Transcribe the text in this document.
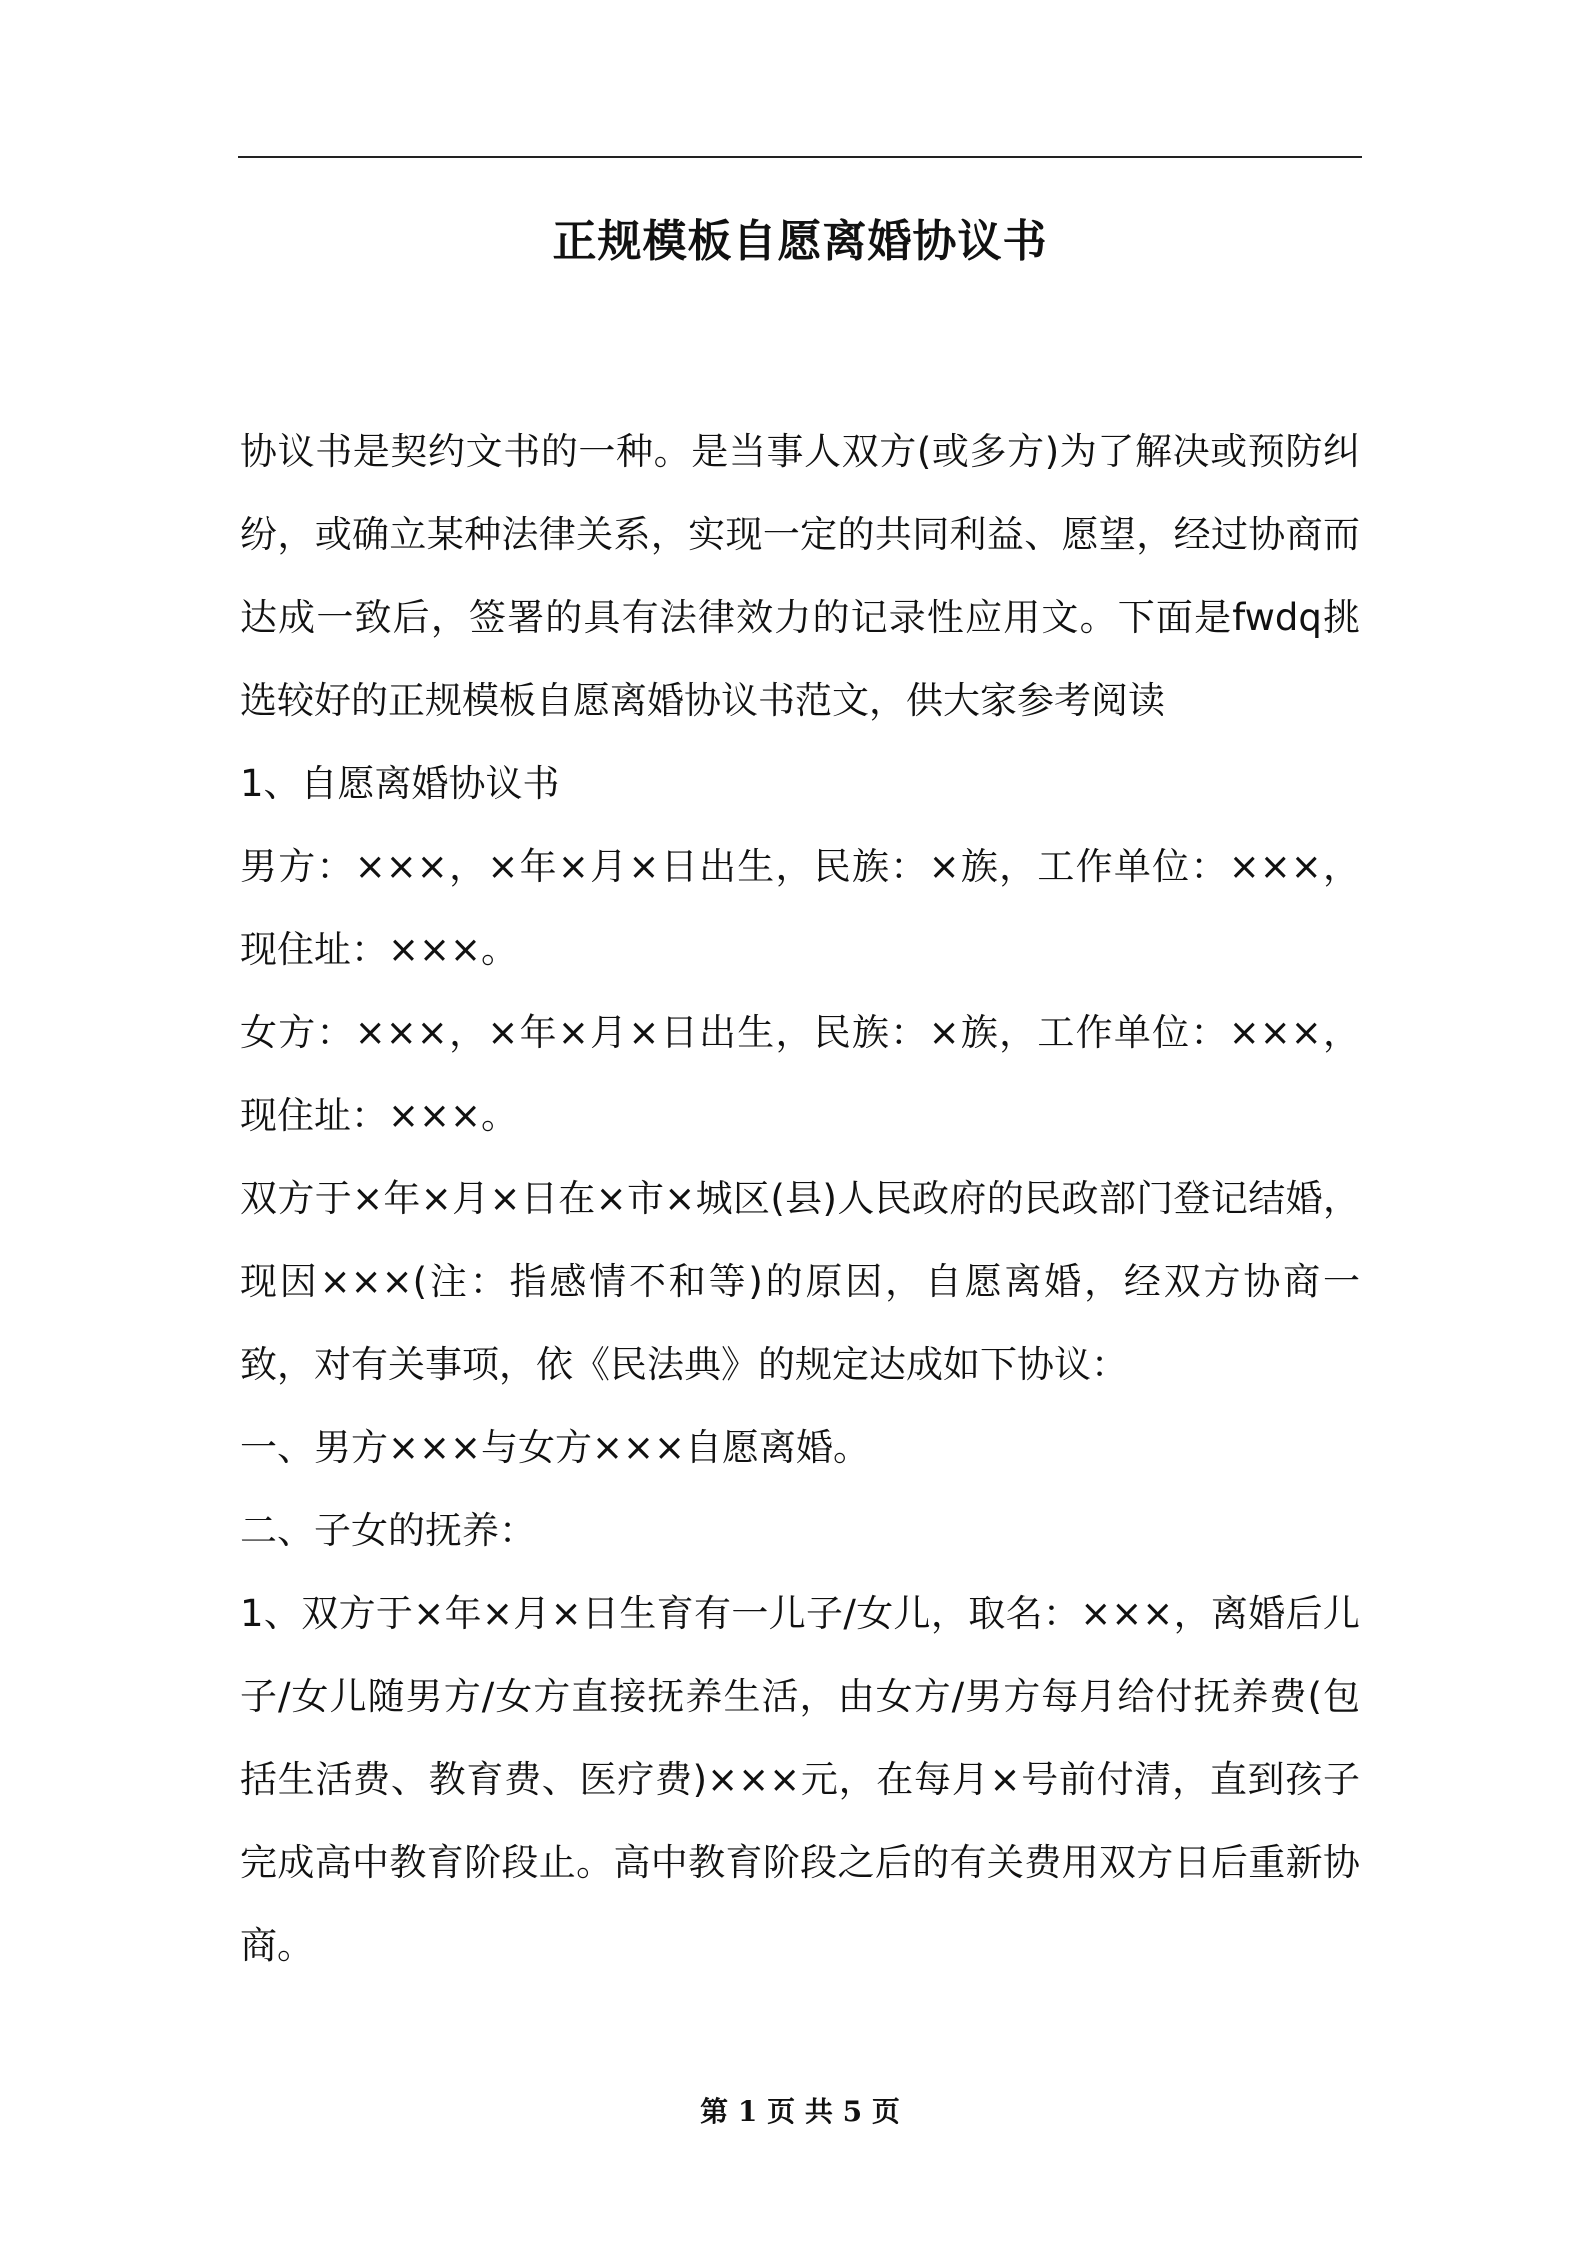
正规模板自愿离婚协议书

协议书是契约文书的一种。是当事人双方(或多方)为了解决或预防纠纷，或确立某种法律关系，实现一定的共同利益、愿望，经过协商而达成一致后，签署的具有法律效力的记录性应用文。下面是fwdq挑选较好的正规模板自愿离婚协议书范文，供大家参考阅读

1、自愿离婚协议书

男方：×××，×年×月×日出生，民族：×族，工作单位：×××，现住址：×××。

女方：×××，×年×月×日出生，民族：×族，工作单位：×××，现住址：×××。

双方于×年×月×日在×市×城区(县)人民政府的民政部门登记结婚，现因×××(注：指感情不和等)的原因，自愿离婚，经双方协商一致，对有关事项，依《民法典》的规定达成如下协议：

一、男方×××与女方×××自愿离婚。

二、子女的抚养：

1、双方于×年×月×日生育有一儿子/女儿，取名：×××，离婚后儿子/女儿随男方/女方直接抚养生活，由女方/男方每月给付抚养费(包括生活费、教育费、医疗费)×××元，在每月×号前付清，直到孩子完成高中教育阶段止。高中教育阶段之后的有关费用双方日后重新协商。

第 1 页 共 5 页
